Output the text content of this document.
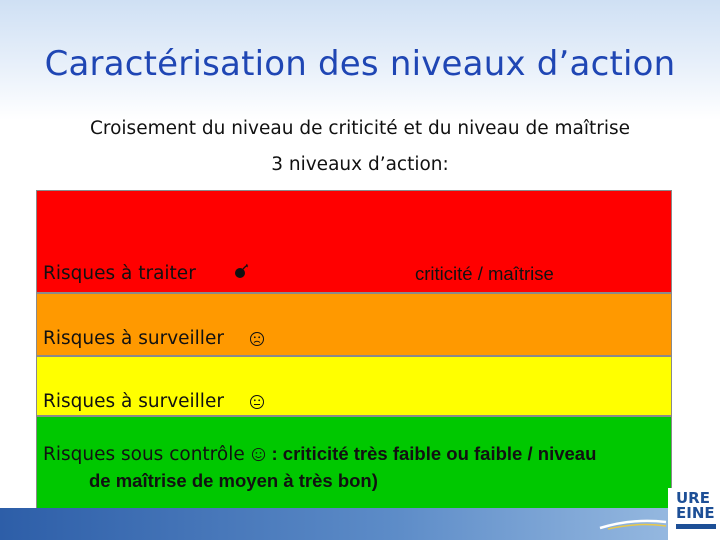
Caractérisation des niveaux d’action
Croisement du niveau de criticité et du niveau de maîtrise
3 niveaux d’action:
Risques à traiter	criticité / maîtrise
Risques à surveiller
Risques à surveiller
Risques sous contrôle : criticité très faible ou faible / niveau
de maîtrise de moyen à très bon)
URE
EINE
